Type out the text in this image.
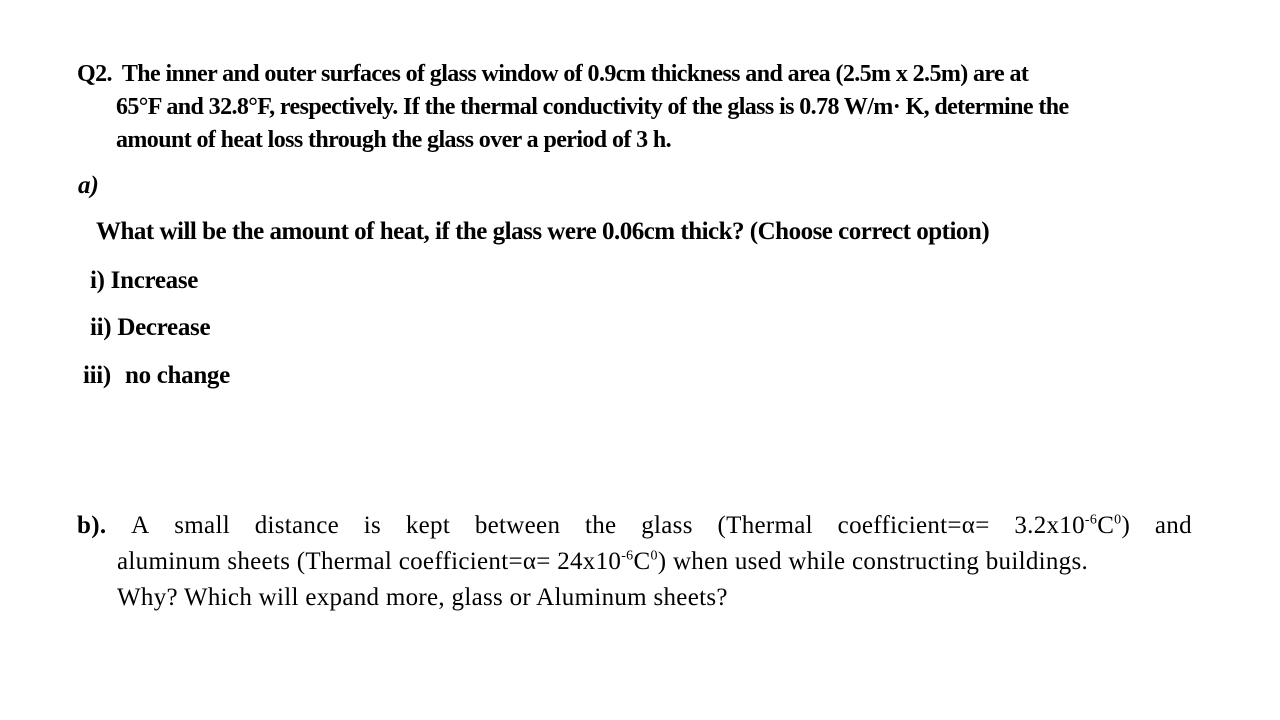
Q2. The inner and outer surfaces of glass window of 0.9cm thickness and area (2.5m x 2.5m) are at
65°F and 32.8°F, respectively. If the thermal conductivity of the glass is 0.78 W/m· K, determine the
amount of heat loss through the glass over a period of 3 h.
a)
What will be the amount of heat, if the glass were 0.06cm thick? (Choose correct option)
i) Increase
ii) Decrease
iii) no change
b). A small distance is kept between the glass (Thermal coefficient=α= $3.2x10^{-6}C^0$) and
aluminum sheets (Thermal coefficient=α= $24x10^{-6}C^0$) when used while constructing buildings.
Why? Which will expand more, glass or Aluminum sheets?
